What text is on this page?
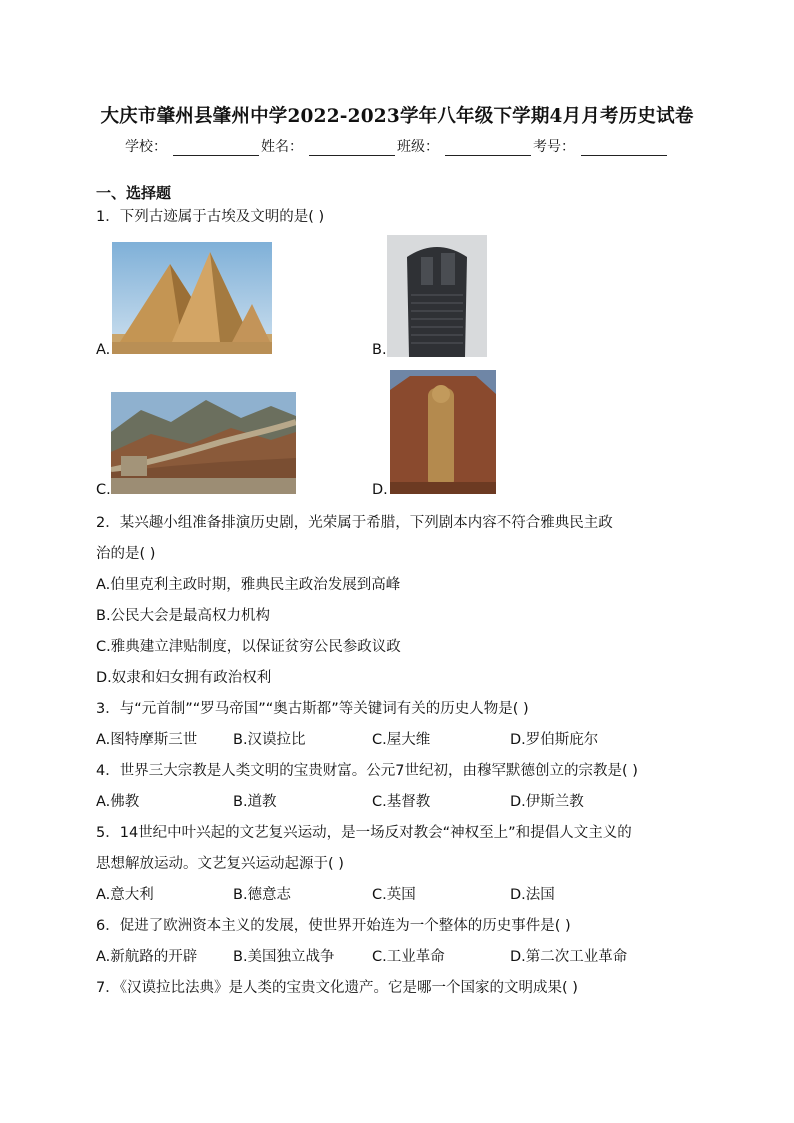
大庆市肇州县肇州中学2022-2023学年八年级下学期4月月考历史试卷
学校：	姓名：	班级：	考号：
一、选择题
1．下列古迹属于古埃及文明的是( )
A.	B.
C.	D.
2．某兴趣小组准备排演历史剧，光荣属于希腊，下列剧本内容不符合雅典民主政
治的是( )
A.伯里克利主政时期，雅典民主政治发展到高峰
B.公民大会是最高权力机构
C.雅典建立津贴制度，以保证贫穷公民参政议政
D.奴隶和妇女拥有政治权利
3．与“元首制”“罗马帝国”“奥古斯都”等关键词有关的历史人物是( )
A.图特摩斯三世 B.汉谟拉比	C.屋大维	D.罗伯斯庇尔
4．世界三大宗教是人类文明的宝贵财富。公元7世纪初，由穆罕默德创立的宗教是( )
A.佛教	B.道教	C.基督教	D.伊斯兰教
5．14世纪中叶兴起的文艺复兴运动，是一场反对教会“神权至上”和提倡人文主义的
思想解放运动。文艺复兴运动起源于( )
A.意大利	B.德意志	C.英国	D.法国
6．促进了欧洲资本主义的发展，使世界开始连为一个整体的历史事件是( )
A.新航路的开辟 B.美国独立战争	C.工业革命	D.第二次工业革命
7．《汉谟拉比法典》是人类的宝贵文化遗产。它是哪一个国家的文明成果( )
